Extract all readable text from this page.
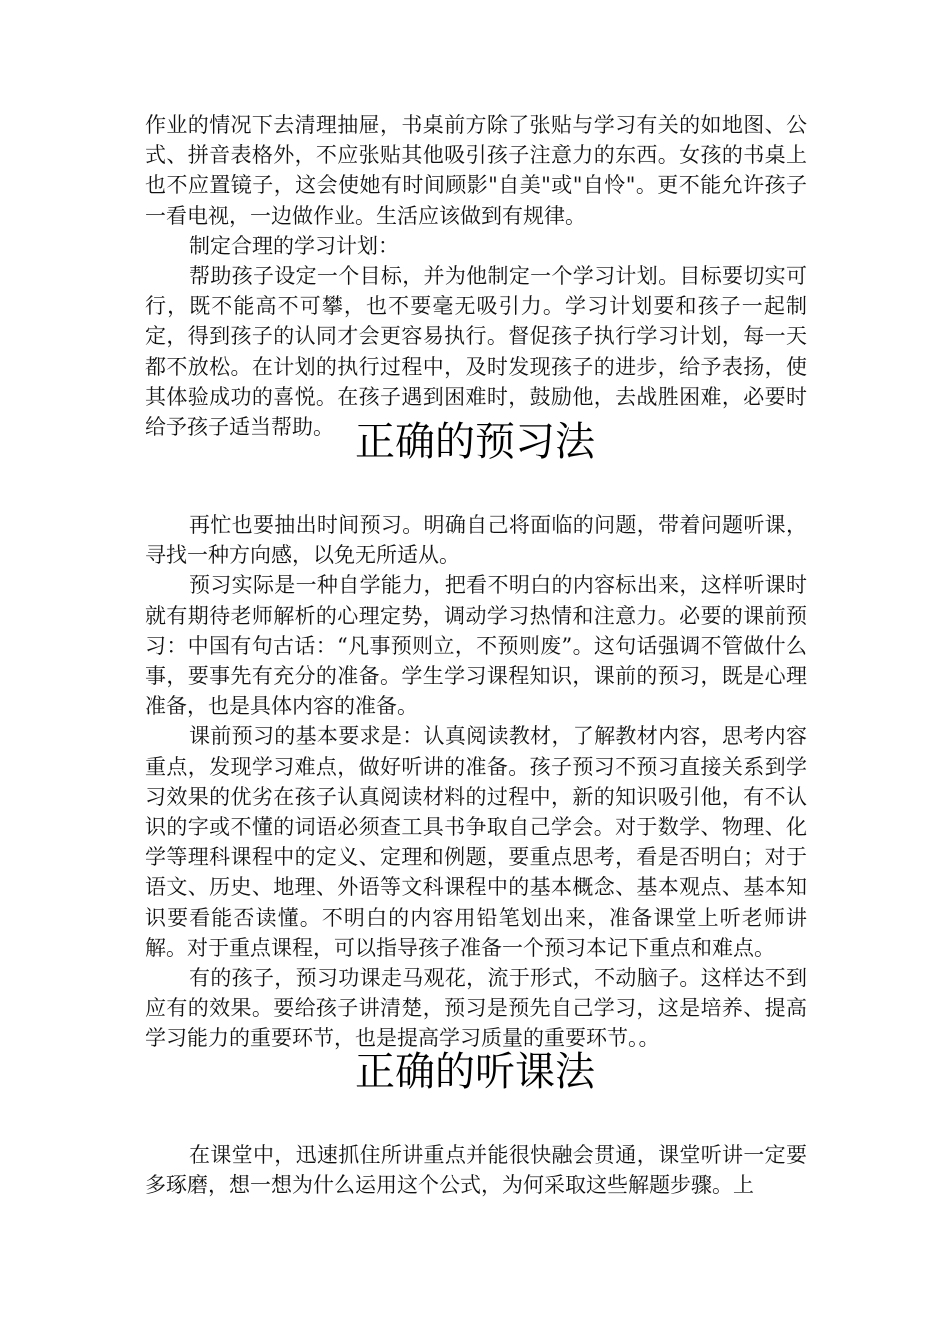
作业的情况下去清理抽屉，书桌前方除了张贴与学习有关的如地图、公式、拼音表格外，不应张贴其他吸引孩子注意力的东西。女孩的书桌上也不应置镜子，这会使她有时间顾影"自美"或"自怜"。更不能允许孩子一看电视，一边做作业。生活应该做到有规律。

制定合理的学习计划：

帮助孩子设定一个目标，并为他制定一个学习计划。目标要切实可行，既不能高不可攀，也不要毫无吸引力。学习计划要和孩子一起制定，得到孩子的认同才会更容易执行。督促孩子执行学习计划，每一天都不放松。在计划的执行过程中，及时发现孩子的进步，给予表扬，使其体验成功的喜悦。在孩子遇到困难时，鼓励他，去战胜困难，必要时给予孩子适当帮助。 正确的预习法

再忙也要抽出时间预习。明确自己将面临的问题，带着问题听课，寻找一种方向感，以免无所适从。

预习实际是一种自学能力，把看不明白的内容标出来，这样听课时就有期待老师解析的心理定势，调动学习热情和注意力。必要的课前预习：中国有句古话：“凡事预则立，不预则废”。这句话强调不管做什么事，要事先有充分的准备。学生学习课程知识，课前的预习，既是心理准备，也是具体内容的准备。

课前预习的基本要求是：认真阅读教材，了解教材内容，思考内容重点，发现学习难点，做好听讲的准备。孩子预习不预习直接关系到学习效果的优劣在孩子认真阅读材料的过程中，新的知识吸引他，有不认识的字或不懂的词语必须查工具书争取自己学会。对于数学、物理、化学等理科课程中的定义、定理和例题，要重点思考，看是否明白；对于语文、历史、地理、外语等文科课程中的基本概念、基本观点、基本知识要看能否读懂。不明白的内容用铅笔划出来，准备课堂上听老师讲解。对于重点课程，可以指导孩子准备一个预习本记下重点和难点。

有的孩子，预习功课走马观花，流于形式，不动脑子。这样达不到应有的效果。要给孩子讲清楚，预习是预先自己学习，这是培养、提高学习能力的重要环节，也是提高学习质量的重要环节。。

正确的听课法

在课堂中，迅速抓住所讲重点并能很快融会贯通，课堂听讲一定要多琢磨，想一想为什么运用这个公式，为何采取这些解题步骤。上
